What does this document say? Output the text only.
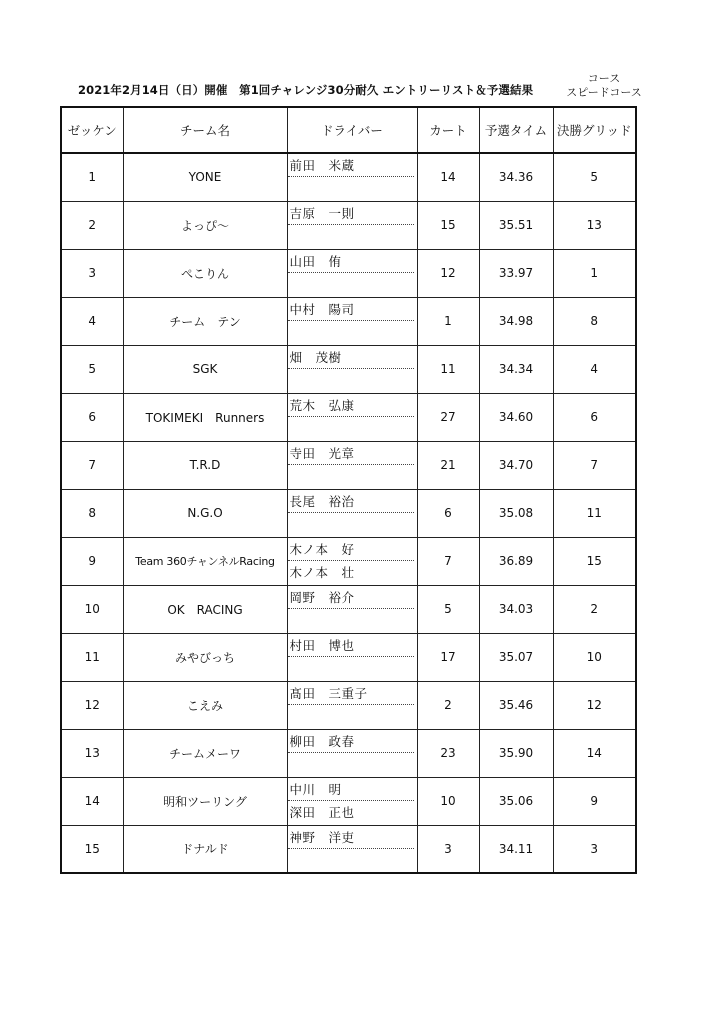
2021年2月14日（日）開催　第1回チャレンジ30分耐久 エントリーリスト＆予選結果
コース
スピードコース
ゼッケン	チーム名	ドライバー	カート	予選タイム	決勝グリッド
1	YONE	前田　米蔵	14	34.36	5
2	よっぴ～	吉原　一則	15	35.51	13
3	ぺこりん	山田　侑	12	33.97	1
4	チーム　テン	中村　陽司	1	34.98	8
5	SGK	畑　茂樹	11	34.34	4
6	TOKIMEKI　Runners	荒木　弘康	27	34.60	6
7	T.R.D	寺田　光章	21	34.70	7
8	N.G.O	長尾　裕治	6	35.08	11
9	Team 360チャンネルRacing	木ノ本　好
木ノ本　壮	7	36.89	15
10	OK　RACING	岡野　裕介	5	34.03	2
11	みやびっち	村田　博也	17	35.07	10
12	こえみ	髙田　三重子	2	35.46	12
13	チームメーワ	柳田　政春	23	35.90	14
14	明和ツーリング	中川　明
深田　正也	10	35.06	9
15	ドナルド	神野　洋吏	3	34.11	3
